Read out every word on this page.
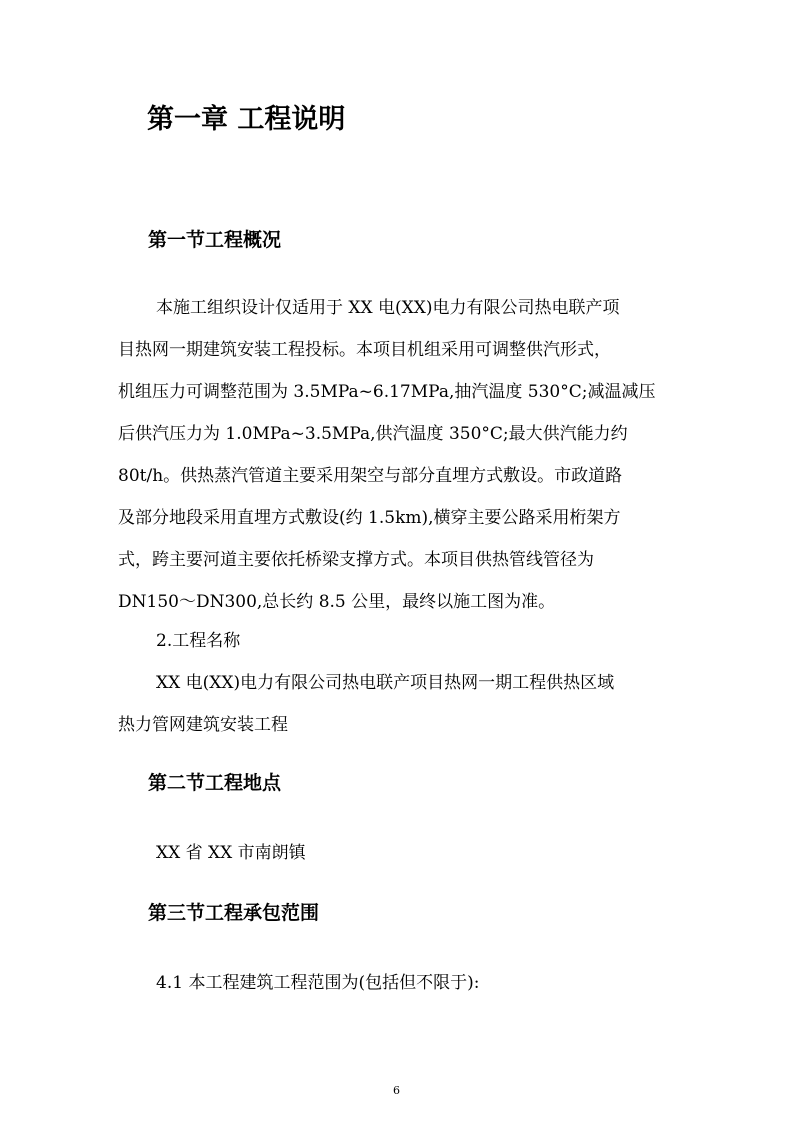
第一章 工程说明
第一节工程概况
本施工组织设计仅适用于 XX 电(XX)电力有限公司热电联产项
目热网一期建筑安装工程投标。本项目机组采用可调整供汽形式，
机组压力可调整范围为 3.5MPa~6.17MPa,抽汽温度 530°C;减温减压
后供汽压力为 1.0MPa~3.5MPa,供汽温度 350°C;最大供汽能力约
80t/h。供热蒸汽管道主要采用架空与部分直埋方式敷设。市政道路
及部分地段采用直埋方式敷设(约 1.5km),横穿主要公路采用桁架方
式，跨主要河道主要依托桥梁支撑方式。本项目供热管线管径为
DN150～DN300,总长约 8.5 公里，最终以施工图为准。
2.工程名称
XX 电(XX)电力有限公司热电联产项目热网一期工程供热区域
热力管网建筑安装工程
第二节工程地点
XX 省 XX 市南朗镇
第三节工程承包范围
4.1 本工程建筑工程范围为(包括但不限于):
6
